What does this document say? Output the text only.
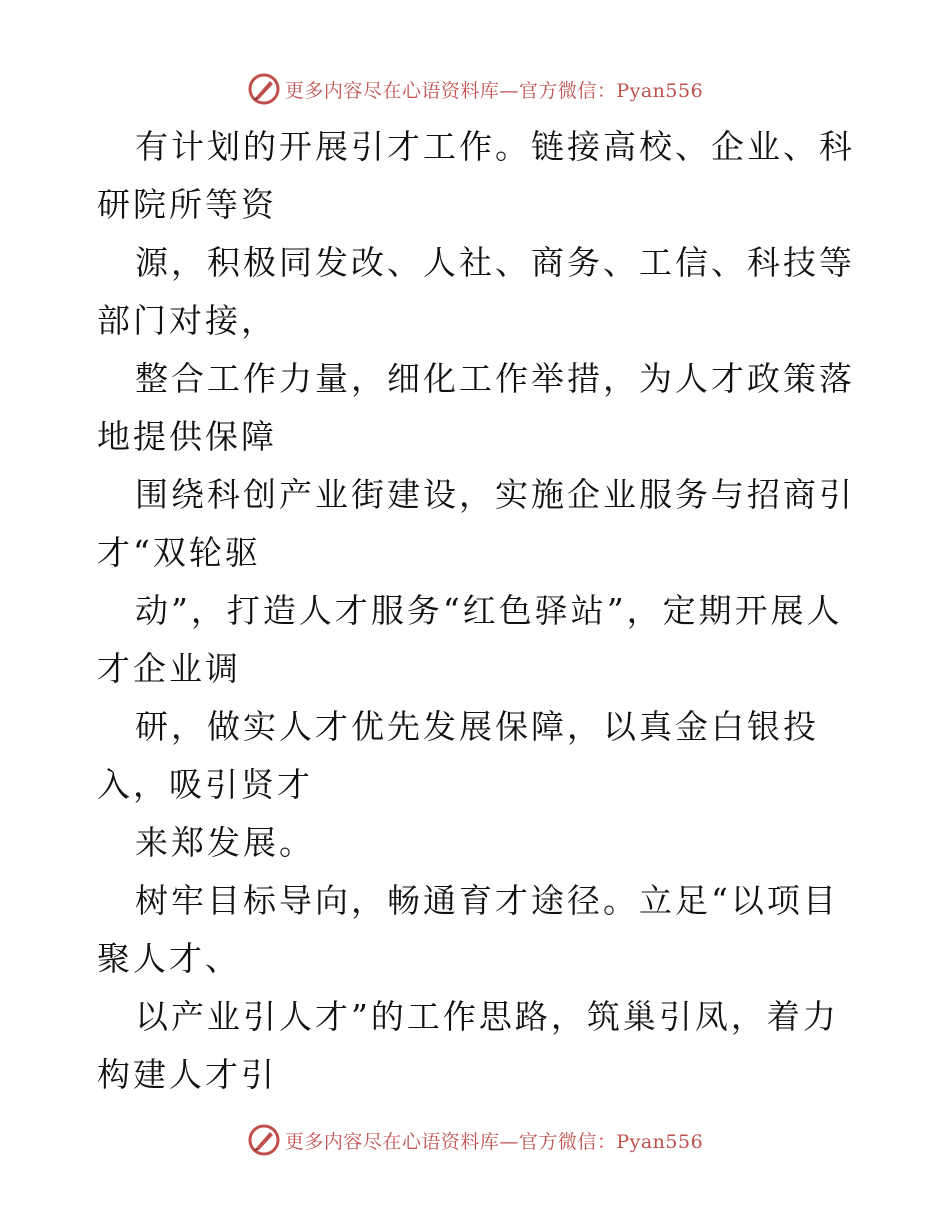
更多内容尽在心语资料库—官方微信：Pyan556

有计划的开展引才工作。链接高校、企业、科研院所等资

源，积极同发改、人社、商务、工信、科技等部门对接，

整合工作力量，细化工作举措，为人才政策落地提供保障

围绕科创产业街建设，实施企业服务与招商引才“双轮驱

动”，打造人才服务“红色驿站”，定期开展人才企业调

研，做实人才优先发展保障，以真金白银投入，吸引贤才

来郑发展。

树牢目标导向，畅通育才途径。立足“以项目聚人才、

以产业引人才”的工作思路，筑巢引凤，着力构建人才引

更多内容尽在心语资料库—官方微信：Pyan556
